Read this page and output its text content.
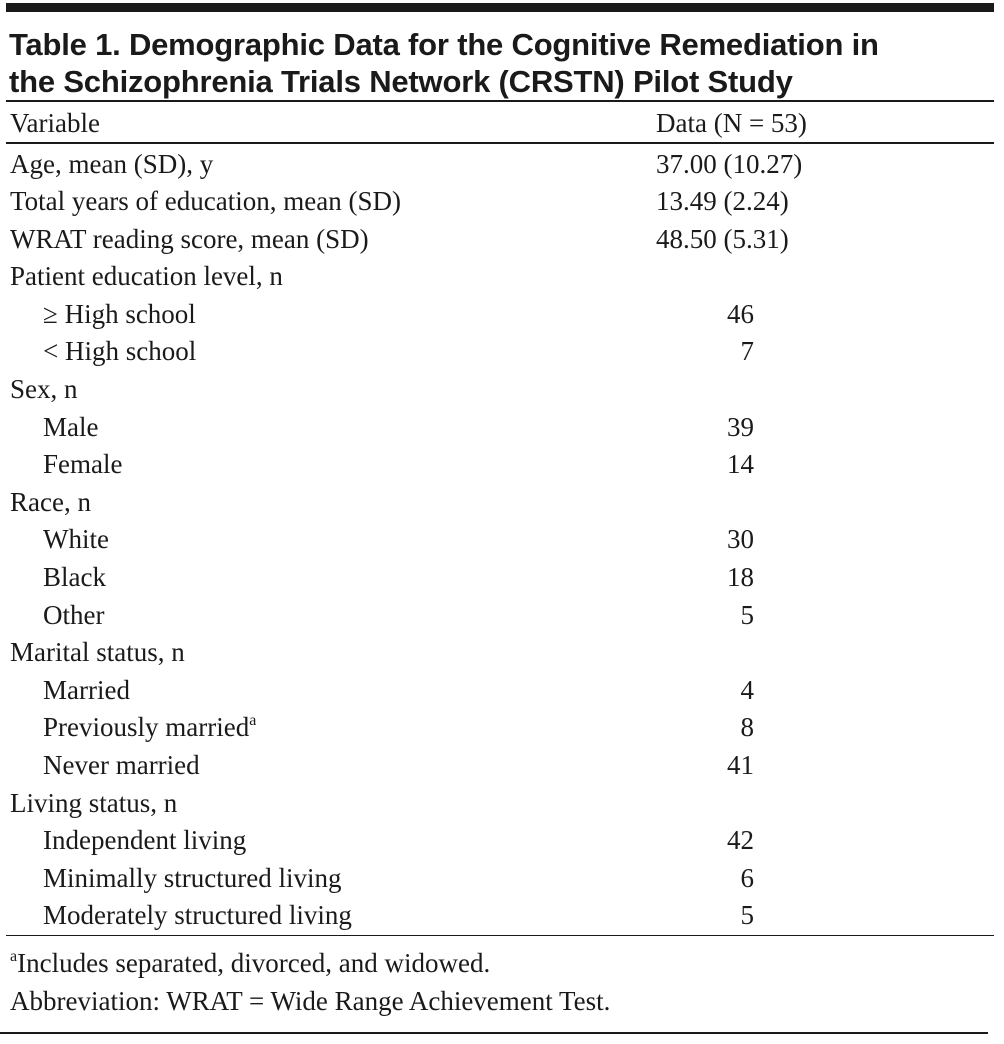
Table 1. Demographic Data for the Cognitive Remediation in
the Schizophrenia Trials Network (CRSTN) Pilot Study
Variable	Data (N = 53)
Age, mean (SD), y	37.00 (10.27)
Total years of education, mean (SD)	13.49 (2.24)
WRAT reading score, mean (SD)	48.50 (5.31)
Patient education level, n
≥ High school	46
< High school	7
Sex, n
Male	39
Female	14
Race, n
White	30
Black	18
Other	5
Marital status, n
Married	4
Previously married$^a$	8
Never married	41
Living status, n
Independent living	42
Minimally structured living	6
Moderately structured living	5
$^a$Includes separated, divorced, and widowed.
Abbreviation: WRAT = Wide Range Achievement Test.
